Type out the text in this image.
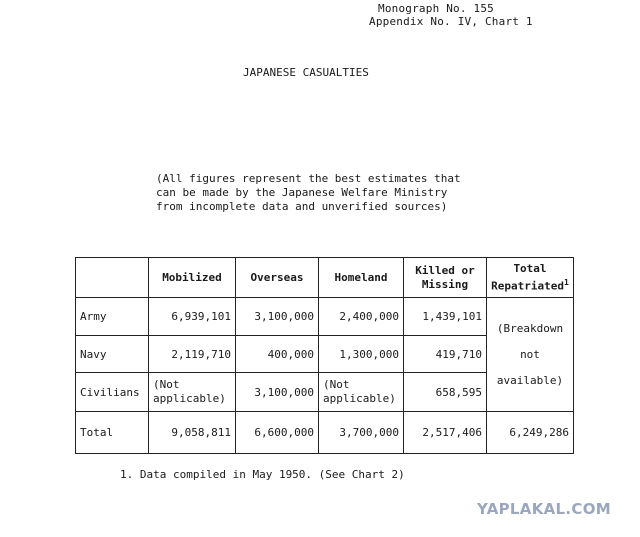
Monograph No. 155
Appendix No. IV, Chart 1
JAPANESE CASUALTIES
(All figures represent the best estimates that
can be made by the Japanese Welfare Ministry
from incomplete data and unverified sources)
	Mobilized	Overseas	Homeland	Killed or Missing	Total Repatriated$^1$
Army	6,939,101	3,100,000	2,400,000	1,439,101	(Breakdown not available)
Navy	2,119,710	400,000	1,300,000	419,710	
Civilians	(Not applicable)	3,100,000	(Not applicable)	658,595	
Total	9,058,811	6,600,000	3,700,000	2,517,406	6,249,286
1. Data compiled in May 1950. (See Chart 2)
YAPLAKAL.COM
